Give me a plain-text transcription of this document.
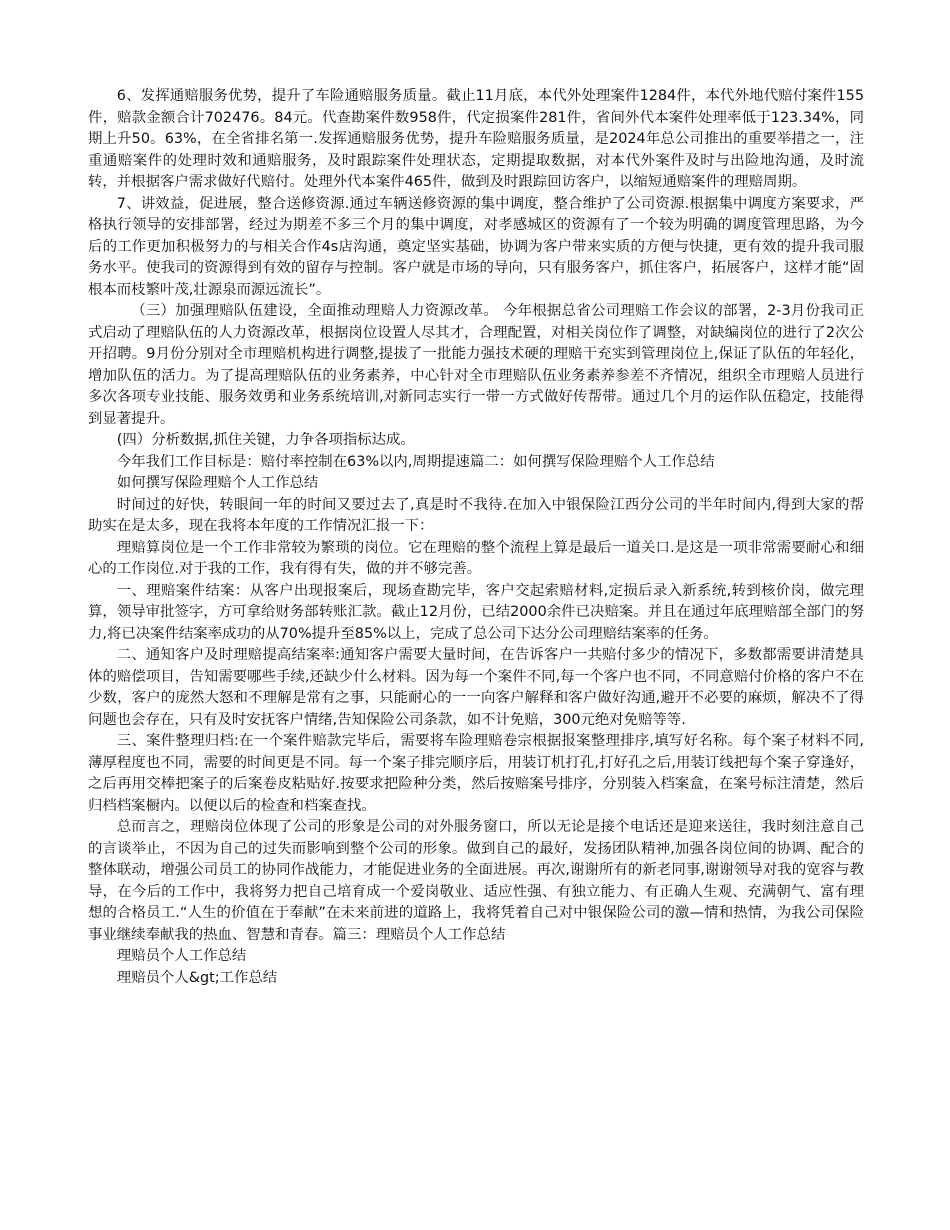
6、发挥通赔服务优势，提升了车险通赔服务质量。截止11月底，本代外处理案件1284件，本代外地代赔付案件155件，赔款金额合计702476。84元。代查勘案件数958件，代定损案件281件，省间外代本案件处理率低于123.34%，同期上升50。63%，在全省排名第一.发挥通赔服务优势，提升车险赔服务质量，是2024年总公司推出的重要举措之一，注重通赔案件的处理时效和通赔服务，及时跟踪案件处理状态，定期提取数据，对本代外案件及时与出险地沟通，及时流转，并根据客户需求做好代赔付。处理外代本案件465件，做到及时跟踪回访客户，以缩短通赔案件的理赔周期。

7、讲效益，促进展，整合送修资源.通过车辆送修资源的集中调度，整合维护了公司资源.根据集中调度方案要求，严格执行领导的安排部署，经过为期差不多三个月的集中调度，对孝感城区的资源有了一个较为明确的调度管理思路，为今后的工作更加积极努力的与相关合作4s店沟通，奠定坚实基础，协调为客户带来实质的方便与快捷，更有效的提升我司服务水平。使我司的资源得到有效的留存与控制。客户就是市场的导向，只有服务客户，抓住客户，拓展客户，这样才能“固根本而枝繁叶茂,壮源泉而源远流长”。

（三）加强理赔队伍建设，全面推动理赔人力资源改革。 今年根据总省公司理赔工作会议的部署，2-3月份我司正式启动了理赔队伍的人力资源改革，根据岗位设置人尽其才，合理配置，对相关岗位作了调整，对缺编岗位的进行了2次公开招聘。9月份分别对全市理赔机构进行调整,提拔了一批能力强技术硬的理赔干充实到管理岗位上,保证了队伍的年轻化，增加队伍的活力。为了提高理赔队伍的业务素养，中心针对全市理赔队伍业务素养参差不齐情况，组织全市理赔人员进行多次各项专业技能、服务效勇和业务系统培训,对新同志实行一带一方式做好传帮带。通过几个月的运作队伍稳定，技能得到显著提升。

(四）分析数据,抓住关键，力争各项指标达成。

今年我们工作目标是：赔付率控制在63%以内,周期提速篇二：如何撰写保险理赔个人工作总结

如何撰写保险理赔个人工作总结

时间过的好快，转眼间一年的时间又要过去了,真是时不我待.在加入中银保险江西分公司的半年时间内,得到大家的帮助实在是太多，现在我将本年度的工作情况汇报一下：

理赔算岗位是一个工作非常较为繁琐的岗位。它在理赔的整个流程上算是最后一道关口.是这是一项非常需要耐心和细心的工作岗位.对于我的工作，我有得有失，做的并不够完善。

一、理赔案件结案：从客户出现报案后，现场查勘完毕，客户交起索赔材料,定损后录入新系统,转到核价岗，做完理算，领导审批签字，方可拿给财务部转账汇款。截止12月份，已结2000余件已决赔案。并且在通过年底理赔部全部门的努力,将已决案件结案率成功的从70%提升至85%以上，完成了总公司下达分公司理赔结案率的任务。

二、通知客户及时理赔提高结案率:通知客户需要大量时间，在告诉客户一共赔付多少的情况下，多数都需要讲清楚具体的赔偿项目，告知需要哪些手续,还缺少什么材料。因为每一个案件不同,每一个客户也不同，不同意赔付价格的客户不在少数，客户的庞然大怒和不理解是常有之事，只能耐心的一一向客户解释和客户做好沟通,避开不必要的麻烦，解决不了得问题也会存在，只有及时安抚客户情绪,告知保险公司条款，如不计免赔，300元绝对免赔等等.

三、案件整理归档:在一个案件赔款完毕后，需要将车险理赔卷宗根据报案整理排序,填写好名称。每个案子材料不同,薄厚程度也不同，需要的时间更是不同。每一个案子排完顺序后，用装订机打孔,打好孔之后,用装订线把每个案子穿逢好，之后再用交棒把案子的后案卷皮粘贴好.按要求把险种分类，然后按赔案号排序，分别装入档案盒，在案号标注清楚，然后归档档案橱内。以便以后的检查和档案查找。

总而言之，理赔岗位体现了公司的形象是公司的对外服务窗口，所以无论是接个电话还是迎来送往，我时刻注意自己的言谈举止，不因为自己的过失而影响到整个公司的形象。做到自己的最好，发扬团队精神,加强各岗位间的协调、配合的整体联动，增强公司员工的协同作战能力，才能促进业务的全面进展。再次,谢谢所有的新老同事,谢谢领导对我的宽容与教导，在今后的工作中，我将努力把自己培育成一个爱岗敬业、适应性强、有独立能力、有正确人生观、充满朝气、富有理想的合格员工.“人生的价值在于奉献”在未来前进的道路上，我将凭着自己对中银保险公司的激—情和热情，为我公司保险事业继续奉献我的热血、智慧和青春。篇三：理赔员个人工作总结

理赔员个人工作总结

理赔员个人&gt;工作总结
